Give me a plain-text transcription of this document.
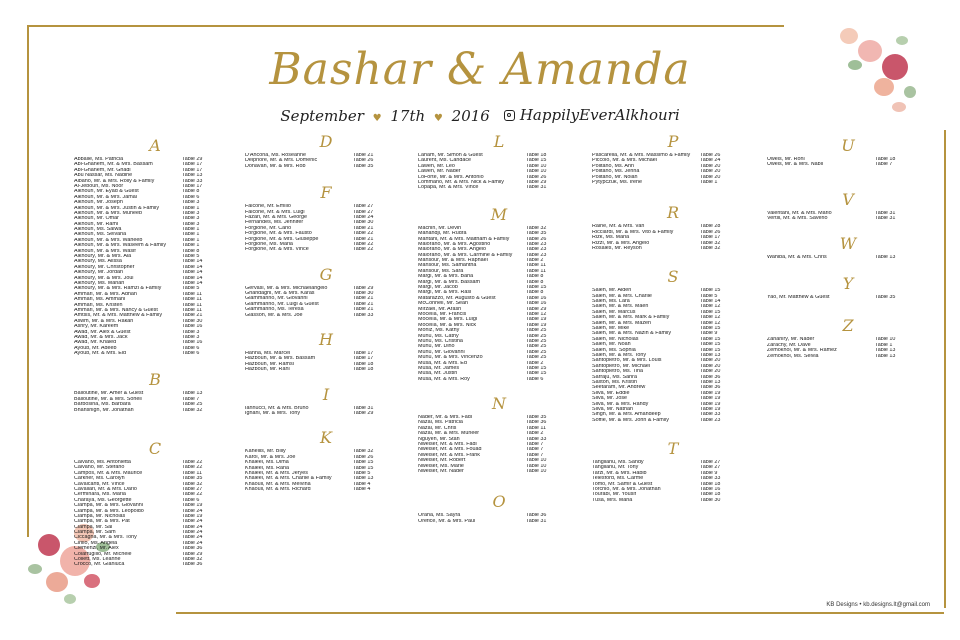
Bashar & Amanda
September ♥ 17th ♥ 2016 HappilyEverAlkhouri
A
Abballe, Ms. Patricia	Table 29
Abi-Ghanem, Mr. & Mrs. Bassam	Table 17
Abi-Ghanem, Mr. Ghadi	Table 17
Abu Nassar, Ms. Nadine	Table 13
Albano, Mr. & Mrs. Rolly & Family	Table 33
Al-Jebouri, Ms. Noor	Table 17
Alkhouri, Mr. Eyad & Guest	Table 8
Alkhouri, Mr. & Mrs. Jamal	Table 6
Alkhouri, Mr. Joseph	Table 3
Alkhouri, Mr. & Mrs. Justin & Family	Table 1
Alkhouri, Mr. & Mrs. Muneeb	Table 3
Alkhouri, Mr. Omar	Table 3
Alkhouri, Mr. Rami	Table 3
Alkhouri, Ms. Salwa	Table 1
Alkhouri, Ms. Selvana	Table 1
Alkhouri, Mr. & Mrs. Waheeb	Table 1
Alkhouri, Mr. & Mrs. Waseem & Family	Table 1
Alkhouri, Mr. & Mrs. Wasif	Table 8
Alkhoury, Mr. & Mrs. Ala	Table 5
Alkhoury, Ms. Alissa	Table 14
Alkhoury, Mr. Christopher	Table 14
Alkhoury, Mr. Jordan	Table 14
Alkhoury, Mr. & Mrs. Joul	Table 14
Alkhoury, Ms. Mariah	Table 14
Alkhoury, Mr. & Mrs. Ramzi & Family	Table 5
Ammari, Mr. & Mrs. Adnan	Table 11
Ammari, Ms. Ammani	Table 11
Ammari, Ms. Kristen	Table 11
Ammari, Mr. & Mrs. Nancy & Guest	Table 11
Amtsis, Mr. & Mrs. Matthew & Family	Table 21
Aswm, Mr. & Mrs. Rakan	Table 30
Ashry, Mr. Kareem	Table 16
Awad, Mr. Alex & Guest	Table 3
Awad, Mr. & Mrs. Jack	Table 3
Awad, Mr. Khaled	Table 16
Ayoub, Mr. Adeeb	Table 6
Ayoub, Mr. & Mrs. Eid	Table 6
B
Balloutine, Mr. Amer & Guest	Table 13
Balloutine, Mr. & Mrs. Soheil	Table 7
Barbosina, Ms. Barbara	Table 25
Bhanshigh, Mr. Jonathan	Table 32
C
Calvano, Ms. Antonietta	Table 22
Calvano, Mr. Stefano	Table 22
Campos, Mr. & Mrs. Maurice	Table 11
Carkner, Ms. Carolyn	Table 35
Cavalcanti, Mr. Vince	Table 32
Cavallari, Mr. & Mrs. Dario	Table 27
Cerminara, Ms. Maria	Table 22
Charaya, Ms. Georgette	Table 6
Ciampa, Mr. & Mrs. Giovanni	Table 19
Ciampa, Mr. & Mrs. Leopoldo	Table 24
Ciampa, Mr. Nicholas	Table 19
Ciampa, Mr. & Mrs. Pat	Table 24
Ciampa, Mr. Sal	Table 24
Ciampa, Mr. Sam	Table 24
Ciccagna, Mr. & Mrs. Tony	Table 24
Cirillo, Ms. Angela	Table 24
Clemenzi, Mr. Alex	Table 36
Colafrugilio, Mr. Michele	Table 29
Collett, Ms. Leanne	Table 32
Crocco, Mr. Gianluca	Table 36
D
D'Ancona, Ms. Roseanne	Table 21
Delpriore, Mr. & Mrs. Domenic	Table 26
Donavan, Mr. & Mrs. Rob	Table 35
F
Falcone, Mr. Emilio	Table 27
Falcone, Mr. & Mrs. Luigi	Table 27
Fazari, Mr. & Mrs. George	Table 24
Fernandes, Ms. Jennifer	Table 30
Forgione, Mr. Carlo	Table 21
Forgione, Mr. & Mrs. Fausto	Table 22
Forgione, Mr. & Mrs. Giuseppe	Table 21
Forgione, Ms. Maria	Table 22
Forgione, Mr. & Mrs. Vince	Table 22
G
Gervasi, Mr. & Mrs. Michaelangelo	Table 29
Ghandaghi, Mr. & Mrs. Karas	Table 30
Giammarino, Mr. Giovanni	Table 21
Giammarino, Mr. Luigi & Guest	Table 21
Giammarino, Ms. Teresa	Table 21
Giasson, Mr. & Mrs. Joe	Table 33
H
Hanna, Ms. Marcel	Table 17
Hazboun, Mr. & Mrs. Bassam	Table 17
Hazboun, Mr. Ramsi	Table 18
Hazboun, Mr. Rani	Table 18
I
Iannucci, Mr. & Mrs. Bruno	Table 31
Ignani, Mr. & Mrs. Tony	Table 29
K
Kanellis, Mr. Billy	Table 32
Karol, Mr. & Mrs. Joe	Table 26
Khaleel, Ms. Dima	Table 15
Khaleel, Ms. Rana	Table 15
Khaleel, Mr. & Mrs. Jeryes	Table 5
Khaleel, Mr. & Mrs. Charlie & Family	Table 13
Khaouli, Mr. & Mrs. Melvina	Table 4
Khaouli, Mr. & Mrs. Richard	Table 4
L
Laham, Mr. Simon & Guest	Table 18
Laurent, Ms. Candace	Table 15
Lawen, Mr. Leo	Table 10
Lawen, Mr. Nader	Table 10
LoForte, Mr. & Mrs. Antonio	Table 26
Lommano, Mr. & Mrs. Nick & Family	Table 29
Lopapa, Mr. & Mrs. Vince	Table 31
M
Machin, Mr. Devin	Table 32
Mahandji, Mr. Rudra	Table 35
Mahtani, Mr. & Mrs. Maitham & Family	Table 26
Maiorano, Mr. & Mrs. Agostino	Table 23
Maiorano, Mr. & Mrs. Angelo	Table 23
Maiorano, Mr. & Mrs. Carmine & Family	Table 23
Mansour, Mr. & Mrs. Raphael	Table 2
Mansour, Ms. Samantha	Table 11
Mansour, Ms. Sara	Table 11
Margi, Mr. & Mrs. Baha	Table 8
Margi, Mr. & Mrs. Bassam	Table 8
Margi, Mr. Jacob	Table 15
Margi, Mr. & Mrs. Rasi	Table 8
Matarazzo, Mr. Augusto & Guest	Table 16
McConnell, Mr. Sean	Table 16
Mirzaei, Mr. Arash	Table 29
Mocella, Mr. Francis	Table 12
Mocella, Mr. & Mrs. Luigi	Table 19
Mocella, Mr. & Mrs. Nick	Table 19
Moniz, Ms. Kathy	Table 25
Munu, Ms. Cathy	Table 25
Munu, Ms. Cristina	Table 25
Munu, Mr. Dino	Table 25
Munu, Mr. Giovanni	Table 25
Munu, Mr. & Mrs. Vincenzo	Table 25
Musa, Mr. & Mrs. Ed	Table 2
Musa, Mr. James	Table 15
Musa, Mr. Justin	Table 15
Musa, Mr. & Mrs. Roy	Table 6
N
Nader, Mr. & Mrs. Fadi	Table 35
Nazal, Ms. Patricia	Table 36
Nazal, Mr. Chris	Table 11
Nazal, Mr. & Mrs. Muneer	Table 2
Nguyen, Mr. Stan	Table 33
Nweiser, Mr. & Mrs. Fadi	Table 7
Nweiser, Mr. & Mrs. Fouad	Table 7
Nweiser, Mr. & Mrs. Frank	Table 7
Nweiser, Mr. Robert	Table 10
Nweiser, Ms. Marie	Table 10
Nweiser, Mr. Nader	Table 10
O
Oraha, Ms. Sayra	Table 36
Orefice, Mr. & Mrs. Paul	Table 31
P
Pascarella, Mr. & Mrs. Massimo & Family	Table 26
Piccolo, Mr. & Mrs. Michael	Table 24
Politano, Ms. Ann	Table 20
Politano, Ms. Jenna	Table 20
Politano, Mr. Nolan	Table 20
Pytypczuk, Ms. Irene	Table 1
R
Raine, Mr. & Mrs. Van	Table 28
Ricciardi, Mr. & Mrs. Vito & Family	Table 26
Rizk, Ms. Maria	Table 17
Rizzi, Mr. & Mrs. Angelo	Table 32
Rosales, Mr. Reyson	Table 32
S
Saleh, Mr. Aiden	Table 15
Saleh, Mr. & Mrs. Charlie	Table 5
Saleh, Ms. Lara	Table 14
Saleh, Mr. & Mrs. Maen	Table 12
Saleh, Mr. Marcus	Table 15
Saleh, Mr. & Mrs. Mark & Family	Table 12
Saleh, Mr. & Mrs. Mazen	Table 12
Saleh, Mr. Mike	Table 15
Saleh, Mr. & Mrs. Nazih & Family	Table 9
Saleh, Mr. Nicholas	Table 15
Saleh, Mr. Noah	Table 15
Saleh, Ms. Sophia	Table 15
Saleh, Mr. & Mrs. Tony	Table 13
Santopietro, Mr. & Mrs. Louis	Table 20
Santopietro, Mr. Michael	Table 20
Santopietro, Ms. Tina	Table 20
Sarraju, Ms. Sahra	Table 36
Saxton, Ms. Kristin	Table 13
Seetaram, Mr. Andrew	Table 36
Silva, Mr. Eddie	Table 19
Silva, Mr. Jose	Table 19
Silva, Mr. & Mrs. Randy	Table 19
Silva, Mr. Nathan	Table 19
Singh, Mr. & Mrs. Amandeep	Table 33
Soffie, Mr. & Mrs. John & Family	Table 23
T
Tanglianu, Ms. Sandy	Table 27
Tanglianu, Mr. Tony	Table 27
Tarzi, Mr. & Mrs. Habib	Table 9
Telesford, Ms. Carme	Table 33
Tomo, Mr. Samir & Guest	Table 18
Torchio, Mr. & Mrs. Jonathan	Table 16
Tourabi, Mr. Yousif	Table 18
Tusa, Mrs. Maria	Table 30
U
Uweis, Mr. Roni	Table 18
Uweis, Mr. & Mrs. Nabil	Table 7
V
Valentani, Mr. & Mrs. Mario	Table 31
Vertili, Mr. & Mrs. Saverio	Table 31
W
Wahiba, Mr. & Mrs. Chris	Table 13
Y
Yao, Mr. Matthew & Guest	Table 35
Z
Zananiry, Mr. Nader	Table 10
Zaracny, Mr. Dave	Table 1
Zemokhol, Mr. & Mrs. Ramez	Table 13
Zemokhol, Ms. Selvia	Table 13
KB Designs • kb.designs.lt@gmail.com
